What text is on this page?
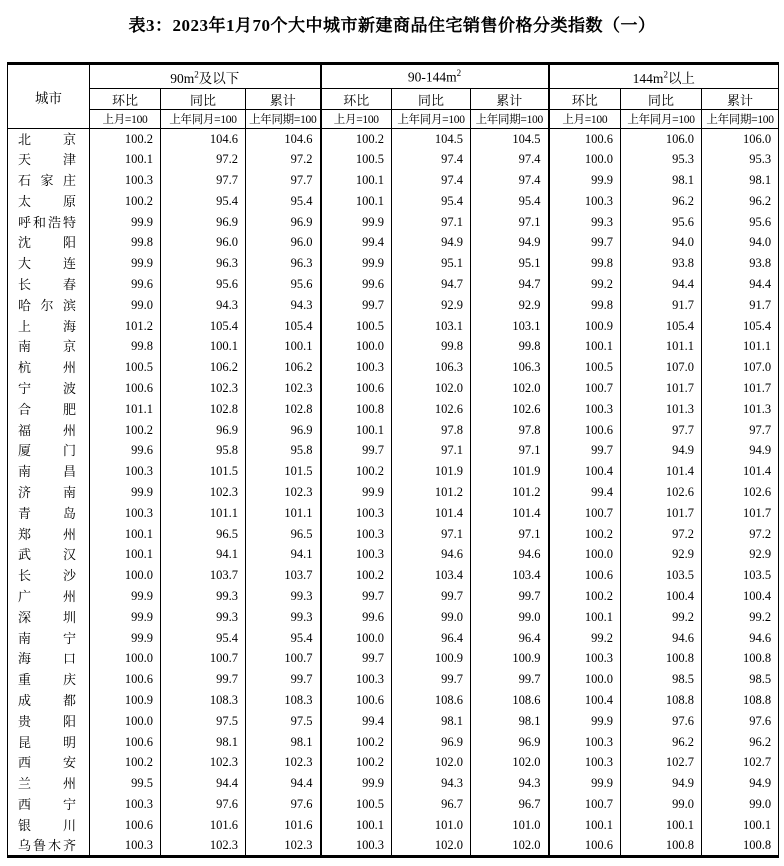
表3：2023年1月70个大中城市新建商品住宅销售价格分类指数（一）
城市	$90m^2$及以下			$90-144m^2$			$144m^2$以上		
	环比	同比	累计	环比	同比	累计	环比	同比	累计
	上月=100	上年同月=100	上年同期=100	上月=100	上年同月=100	上年同期=100	上月=100	上年同月=100	上年同期=100

北京	100.2	104.6	104.6	100.2	104.5	104.5	100.6	106.0	106.0

天津	100.1	97.2	97.2	100.5	97.4	97.4	100.0	95.3	95.3

石家庄	100.3	97.7	97.7	100.1	97.4	97.4	99.9	98.1	98.1

太原	100.2	95.4	95.4	100.1	95.4	95.4	100.3	96.2	96.2

呼和浩特	99.9	96.9	96.9	99.9	97.1	97.1	99.3	95.6	95.6

沈阳	99.8	96.0	96.0	99.4	94.9	94.9	99.7	94.0	94.0

大连	99.9	96.3	96.3	99.9	95.1	95.1	99.8	93.8	93.8

长春	99.6	95.6	95.6	99.6	94.7	94.7	99.2	94.4	94.4

哈尔滨	99.0	94.3	94.3	99.7	92.9	92.9	99.8	91.7	91.7

上海	101.2	105.4	105.4	100.5	103.1	103.1	100.9	105.4	105.4

南京	99.8	100.1	100.1	100.0	99.8	99.8	100.1	101.1	101.1

杭州	100.5	106.2	106.2	100.3	106.3	106.3	100.5	107.0	107.0

宁波	100.6	102.3	102.3	100.6	102.0	102.0	100.7	101.7	101.7

合肥	101.1	102.8	102.8	100.8	102.6	102.6	100.3	101.3	101.3

福州	100.2	96.9	96.9	100.1	97.8	97.8	100.6	97.7	97.7

厦门	99.6	95.8	95.8	99.7	97.1	97.1	99.7	94.9	94.9

南昌	100.3	101.5	101.5	100.2	101.9	101.9	100.4	101.4	101.4

济南	99.9	102.3	102.3	99.9	101.2	101.2	99.4	102.6	102.6

青岛	100.3	101.1	101.1	100.3	101.4	101.4	100.7	101.7	101.7

郑州	100.1	96.5	96.5	100.3	97.1	97.1	100.2	97.2	97.2

武汉	100.1	94.1	94.1	100.3	94.6	94.6	100.0	92.9	92.9

长沙	100.0	103.7	103.7	100.2	103.4	103.4	100.6	103.5	103.5

广州	99.9	99.3	99.3	99.7	99.7	99.7	100.2	100.4	100.4

深圳	99.9	99.3	99.3	99.6	99.0	99.0	100.1	99.2	99.2

南宁	99.9	95.4	95.4	100.0	96.4	96.4	99.2	94.6	94.6

海口	100.0	100.7	100.7	99.7	100.9	100.9	100.3	100.8	100.8

重庆	100.6	99.7	99.7	100.3	99.7	99.7	100.0	98.5	98.5

成都	100.9	108.3	108.3	100.6	108.6	108.6	100.4	108.8	108.8

贵阳	100.0	97.5	97.5	99.4	98.1	98.1	99.9	97.6	97.6

昆明	100.6	98.1	98.1	100.2	96.9	96.9	100.3	96.2	96.2

西安	100.2	102.3	102.3	100.2	102.0	102.0	100.3	102.7	102.7

兰州	99.5	94.4	94.4	99.9	94.3	94.3	99.9	94.9	94.9

西宁	100.3	97.6	97.6	100.5	96.7	96.7	100.7	99.0	99.0

银川	100.6	101.6	101.6	100.1	101.0	101.0	100.1	100.1	100.1

乌鲁木齐	100.3	102.3	102.3	100.3	102.0	102.0	100.6	100.8	100.8
